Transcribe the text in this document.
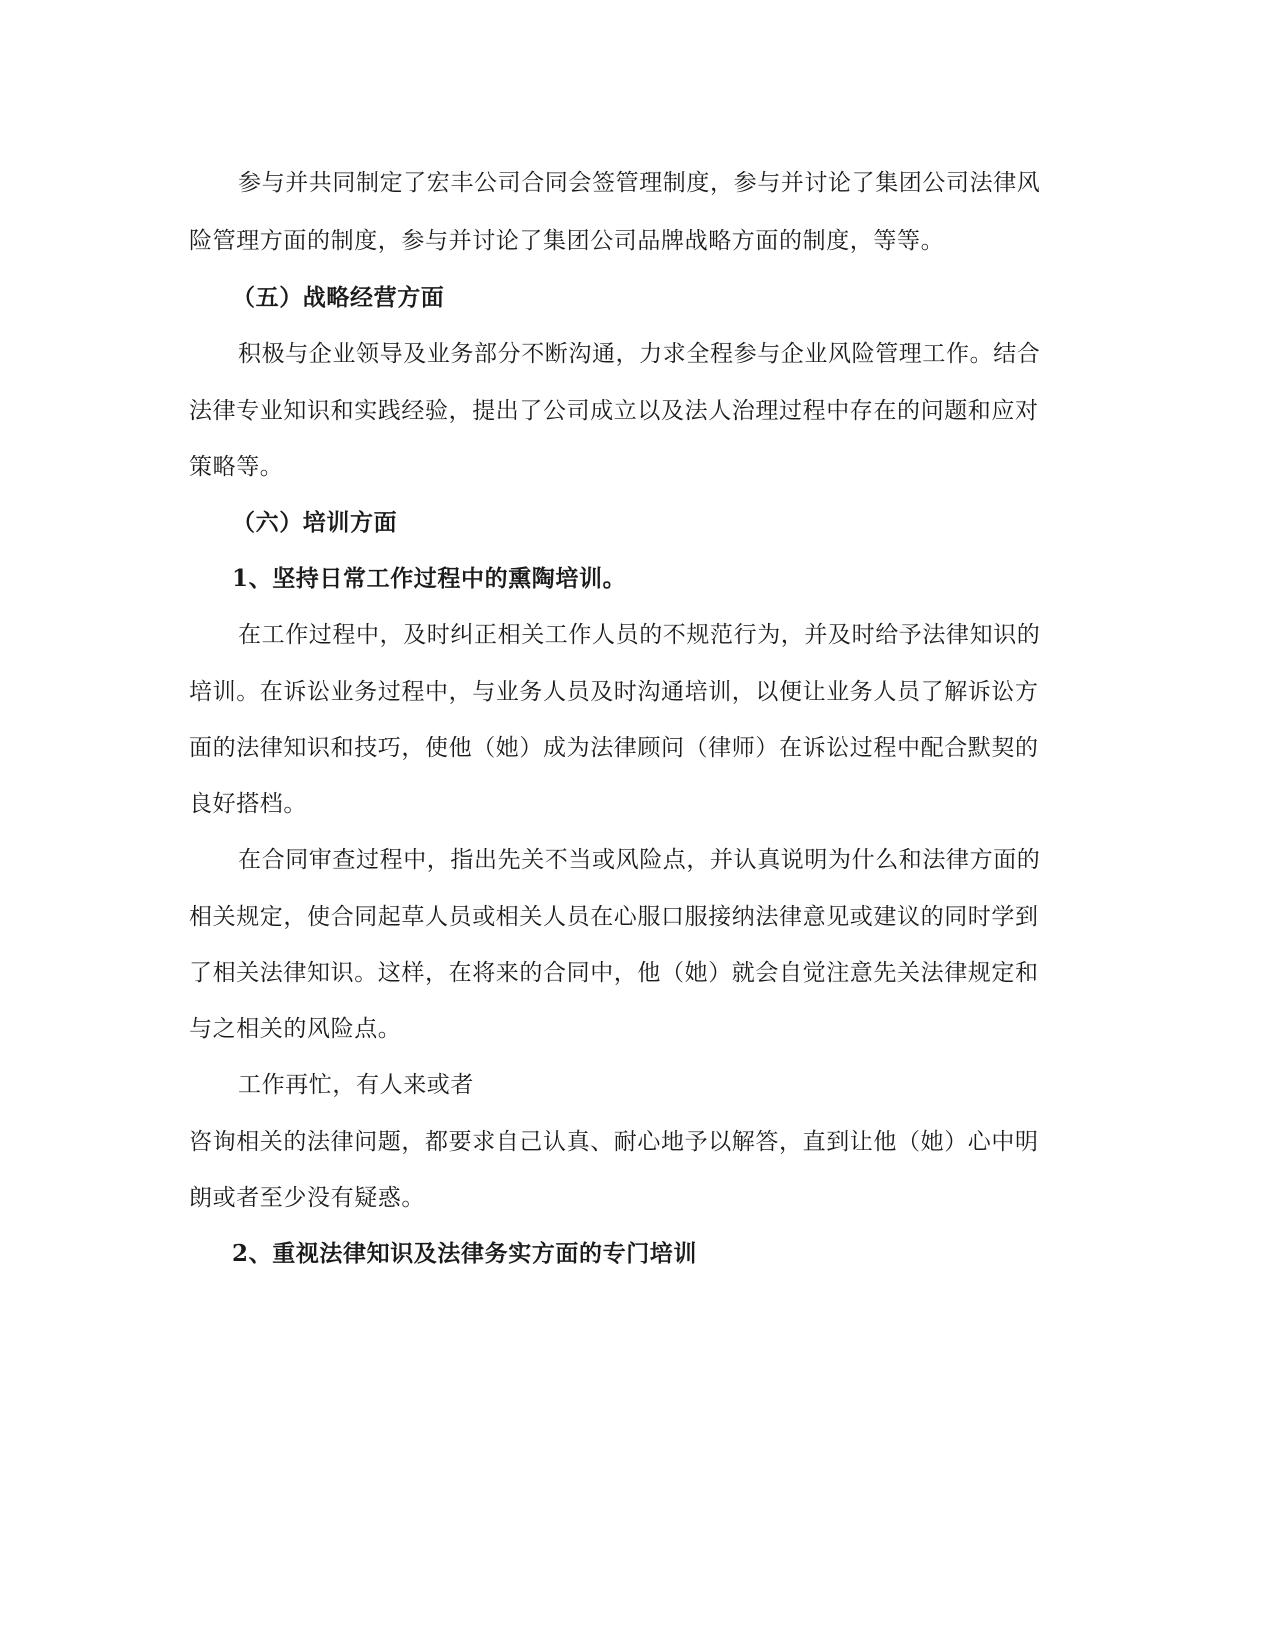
参与并共同制定了宏丰公司合同会签管理制度，参与并讨论了集团公司法律风
险管理方面的制度，参与并讨论了集团公司品牌战略方面的制度，等等。
（五）战略经营方面
积极与企业领导及业务部分不断沟通，力求全程参与企业风险管理工作。结合
法律专业知识和实践经验，提出了公司成立以及法人治理过程中存在的问题和应对
策略等。
（六）培训方面
1、坚持日常工作过程中的熏陶培训。
在工作过程中，及时纠正相关工作人员的不规范行为，并及时给予法律知识的
培训。在诉讼业务过程中，与业务人员及时沟通培训，以便让业务人员了解诉讼方
面的法律知识和技巧，使他（她）成为法律顾问（律师）在诉讼过程中配合默契的
良好搭档。
在合同审查过程中，指出先关不当或风险点，并认真说明为什么和法律方面的
相关规定，使合同起草人员或相关人员在心服口服接纳法律意见或建议的同时学到
了相关法律知识。这样，在将来的合同中，他（她）就会自觉注意先关法律规定和
与之相关的风险点。
工作再忙，有人来或者
咨询相关的法律问题，都要求自己认真、耐心地予以解答，直到让他（她）心中明
朗或者至少没有疑惑。
2、重视法律知识及法律务实方面的专门培训
